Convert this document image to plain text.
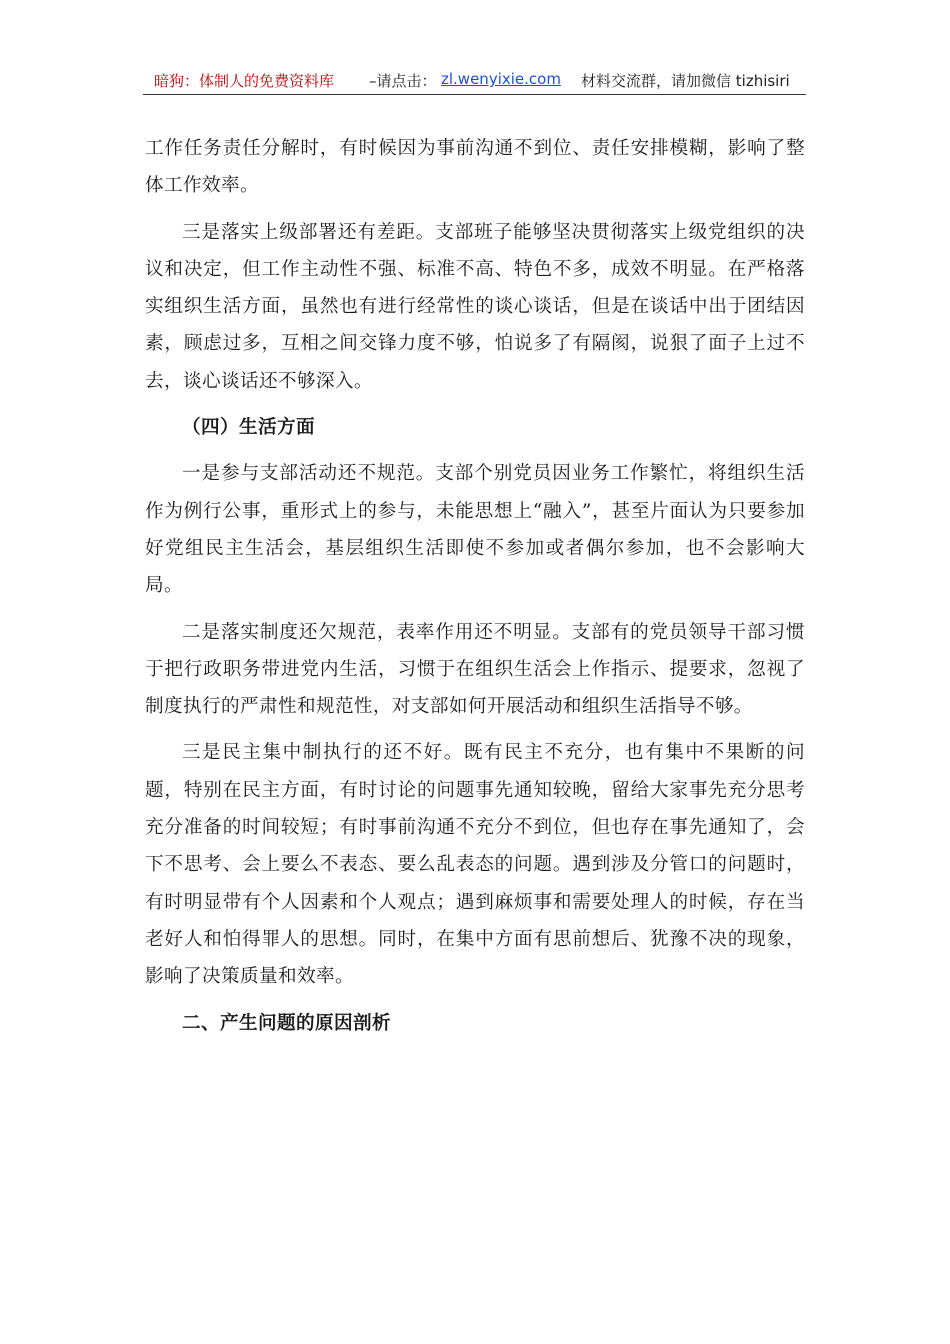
暗狗：体制人的免费资料库 –请点击： zl.wenyixie.com 材料交流群，请加微信 tizhisiri

工作任务责任分解时，有时候因为事前沟通不到位、责任安排模糊，影响了整体工作效率。

三是落实上级部署还有差距。支部班子能够坚决贯彻落实上级党组织的决议和决定，但工作主动性不强、标准不高、特色不多，成效不明显。在严格落实组织生活方面，虽然也有进行经常性的谈心谈话，但是在谈话中出于团结因素，顾虑过多，互相之间交锋力度不够，怕说多了有隔阂，说狠了面子上过不去，谈心谈话还不够深入。

（四）生活方面

一是参与支部活动还不规范。支部个别党员因业务工作繁忙，将组织生活作为例行公事，重形式上的参与，未能思想上“融入”，甚至片面认为只要参加好党组民主生活会，基层组织生活即使不参加或者偶尔参加，也不会影响大局。

二是落实制度还欠规范，表率作用还不明显。支部有的党员领导干部习惯于把行政职务带进党内生活，习惯于在组织生活会上作指示、提要求，忽视了制度执行的严肃性和规范性，对支部如何开展活动和组织生活指导不够。

三是民主集中制执行的还不好。既有民主不充分，也有集中不果断的问题，特别在民主方面，有时讨论的问题事先通知较晚，留给大家事先充分思考充分准备的时间较短；有时事前沟通不充分不到位，但也存在事先通知了，会下不思考、会上要么不表态、要么乱表态的问题。遇到涉及分管口的问题时，有时明显带有个人因素和个人观点；遇到麻烦事和需要处理人的时候，存在当老好人和怕得罪人的思想。同时，在集中方面有思前想后、犹豫不决的现象，影响了决策质量和效率。

二、产生问题的原因剖析
